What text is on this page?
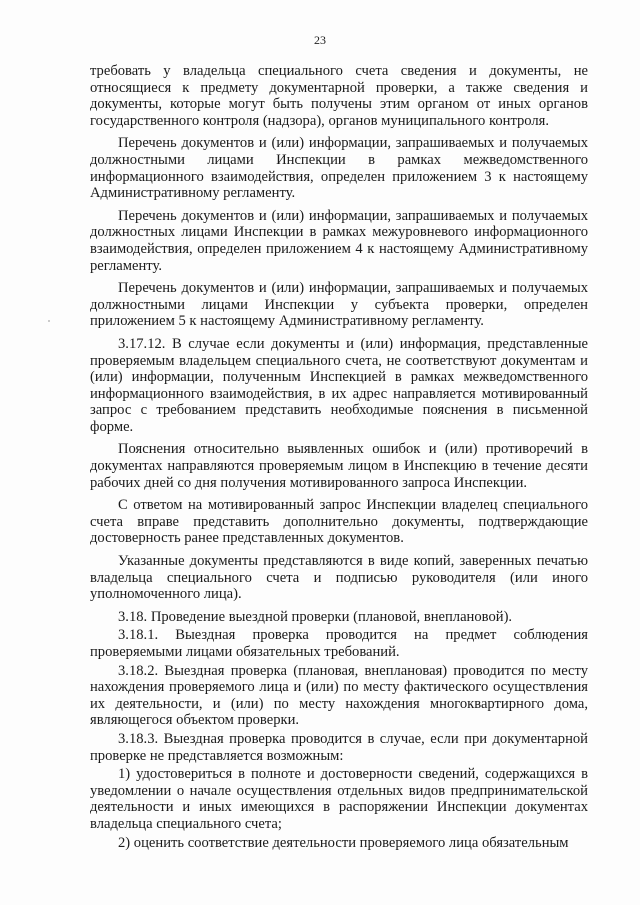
23

требовать у владельца специального счета сведения и документы, не относящиеся к предмету документарной проверки, а также сведения и документы, которые могут быть получены этим органом от иных органов государственного контроля (надзора), органов муниципального контроля.

Перечень документов и (или) информации, запрашиваемых и получаемых должностными лицами Инспекции в рамках межведомственного информационного взаимодействия, определен приложением 3 к настоящему Административному регламенту.

Перечень документов и (или) информации, запрашиваемых и получаемых должностных лицами Инспекции в рамках межуровневого информационного взаимодействия, определен приложением 4 к настоящему Административному регламенту.

Перечень документов и (или) информации, запрашиваемых и получаемых должностными лицами Инспекции у субъекта проверки, определен приложением 5 к настоящему Административному регламенту.

3.17.12. В случае если документы и (или) информация, представленные проверяемым владельцем специального счета, не соответствуют документам и (или) информации, полученным Инспекцией в рамках межведомственного информационного взаимодействия, в их адрес направляется мотивированный запрос с требованием представить необходимые пояснения в письменной форме.

Пояснения относительно выявленных ошибок и (или) противоречий в документах направляются проверяемым лицом в Инспекцию в течение десяти рабочих дней со дня получения мотивированного запроса Инспекции.

С ответом на мотивированный запрос Инспекции владелец специального счета вправе представить дополнительно документы, подтверждающие достоверность ранее представленных документов.

Указанные документы представляются в виде копий, заверенных печатью владельца специального счета и подписью руководителя (или иного уполномоченного лица).

3.18. Проведение выездной проверки (плановой, внеплановой).

3.18.1. Выездная проверка проводится на предмет соблюдения проверяемыми лицами обязательных требований.

3.18.2. Выездная проверка (плановая, внеплановая) проводится по месту нахождения проверяемого лица и (или) по месту фактического осуществления их деятельности, и (или) по месту нахождения многоквартирного дома, являющегося объектом проверки.

3.18.3. Выездная проверка проводится в случае, если при документарной проверке не представляется возможным:

1) удостовериться в полноте и достоверности сведений, содержащихся в уведомлении о начале осуществления отдельных видов предпринимательской деятельности и иных имеющихся в распоряжении Инспекции документах владельца специального счета;

2) оценить соответствие деятельности проверяемого лица обязательным
